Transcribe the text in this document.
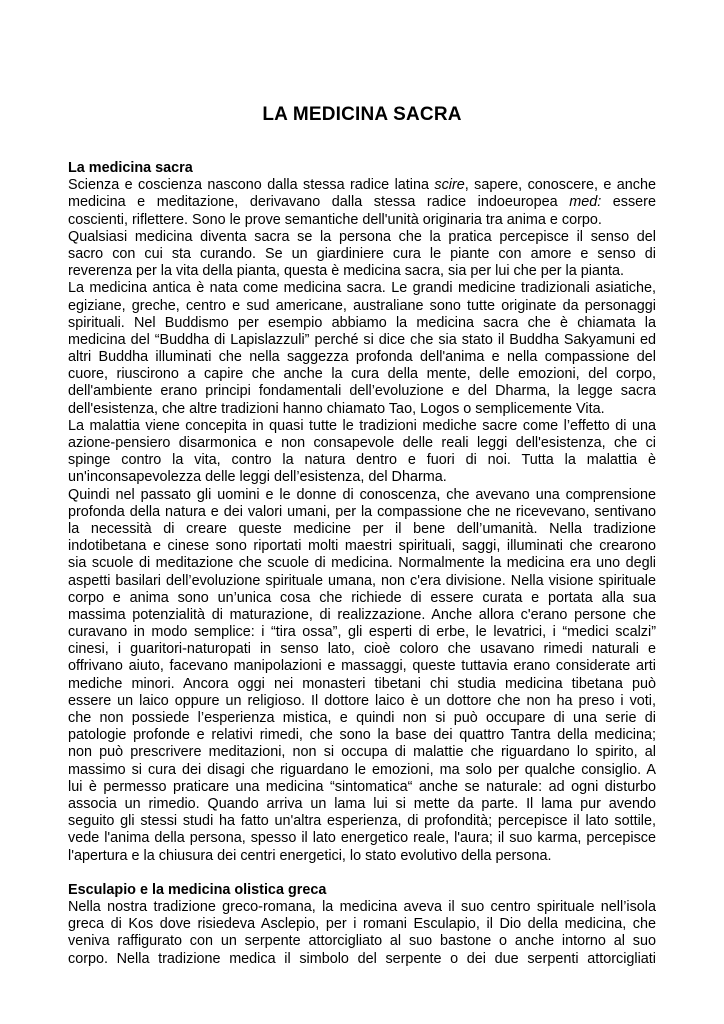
LA MEDICINA SACRA
La medicina sacra
Scienza e coscienza nascono dalla stessa radice latina scire, sapere, conoscere, e anche
medicina e meditazione, derivavano dalla stessa radice indoeuropea med: essere
coscienti, riflettere. Sono le prove semantiche dell'unità originaria tra anima e corpo.
Qualsiasi medicina diventa sacra se la persona che la pratica percepisce il senso del
sacro con cui sta curando. Se un giardiniere cura le piante con amore e senso di
reverenza per la vita della pianta, questa è medicina sacra, sia per lui che per la pianta.
La medicina antica è nata come medicina sacra. Le grandi medicine tradizionali asiatiche,
egiziane, greche, centro e sud americane, australiane sono tutte originate da personaggi
spirituali. Nel Buddismo per esempio abbiamo la medicina sacra che è chiamata la
medicina del “Buddha di Lapislazzuli” perché si dice che sia stato il Buddha Sakyamuni ed
altri Buddha illuminati che nella saggezza profonda dell'anima e nella compassione del
cuore, riuscirono a capire che anche la cura della mente, delle emozioni, del corpo,
dell'ambiente erano principi fondamentali dell’evoluzione e del Dharma, la legge sacra
dell'esistenza, che altre tradizioni hanno chiamato Tao, Logos o semplicemente Vita.
La malattia viene concepita in quasi tutte le tradizioni mediche sacre come l’effetto di una
azione-pensiero disarmonica e non consapevole delle reali leggi dell'esistenza, che ci
spinge contro la vita, contro la natura dentro e fuori di noi. Tutta la malattia è
un'inconsapevolezza delle leggi dell’esistenza, del Dharma.
Quindi nel passato gli uomini e le donne di conoscenza, che avevano una comprensione
profonda della natura e dei valori umani, per la compassione che ne ricevevano, sentivano
la necessità di creare queste medicine per il bene dell’umanità. Nella tradizione
indotibetana e cinese sono riportati molti maestri spirituali, saggi, illuminati che crearono
sia scuole di meditazione che scuole di medicina. Normalmente la medicina era uno degli
aspetti basilari dell’evoluzione spirituale umana, non c'era divisione. Nella visione spirituale
corpo e anima sono un’unica cosa che richiede di essere curata e portata alla sua
massima potenzialità di maturazione, di realizzazione. Anche allora c'erano persone che
curavano in modo semplice: i “tira ossa”, gli esperti di erbe, le levatrici, i “medici scalzi”
cinesi, i guaritori-naturopati in senso lato, cioè coloro che usavano rimedi naturali e
offrivano aiuto, facevano manipolazioni e massaggi, queste tuttavia erano considerate arti
mediche minori. Ancora oggi nei monasteri tibetani chi studia medicina tibetana può
essere un laico oppure un religioso. Il dottore laico è un dottore che non ha preso i voti,
che non possiede l’esperienza mistica, e quindi non si può occupare di una serie di
patologie profonde e relativi rimedi, che sono la base dei quattro Tantra della medicina;
non può prescrivere meditazioni, non si occupa di malattie che riguardano lo spirito, al
massimo si cura dei disagi che riguardano le emozioni, ma solo per qualche consiglio. A
lui è permesso praticare una medicina “sintomatica“ anche se naturale: ad ogni disturbo
associa un rimedio. Quando arriva un lama lui si mette da parte. Il lama pur avendo
seguito gli stessi studi ha fatto un'altra esperienza, di profondità; percepisce il lato sottile,
vede l'anima della persona, spesso il lato energetico reale, l'aura; il suo karma, percepisce
l'apertura e la chiusura dei centri energetici, lo stato evolutivo della persona.
Esculapio e la medicina olistica greca
Nella nostra tradizione greco-romana, la medicina aveva il suo centro spirituale nell’isola
greca di Kos dove risiedeva Asclepio, per i romani Esculapio, il Dio della medicina, che
veniva raffigurato con un serpente attorcigliato al suo bastone o anche intorno al suo
corpo. Nella tradizione medica il simbolo del serpente o dei due serpenti attorcigliati
